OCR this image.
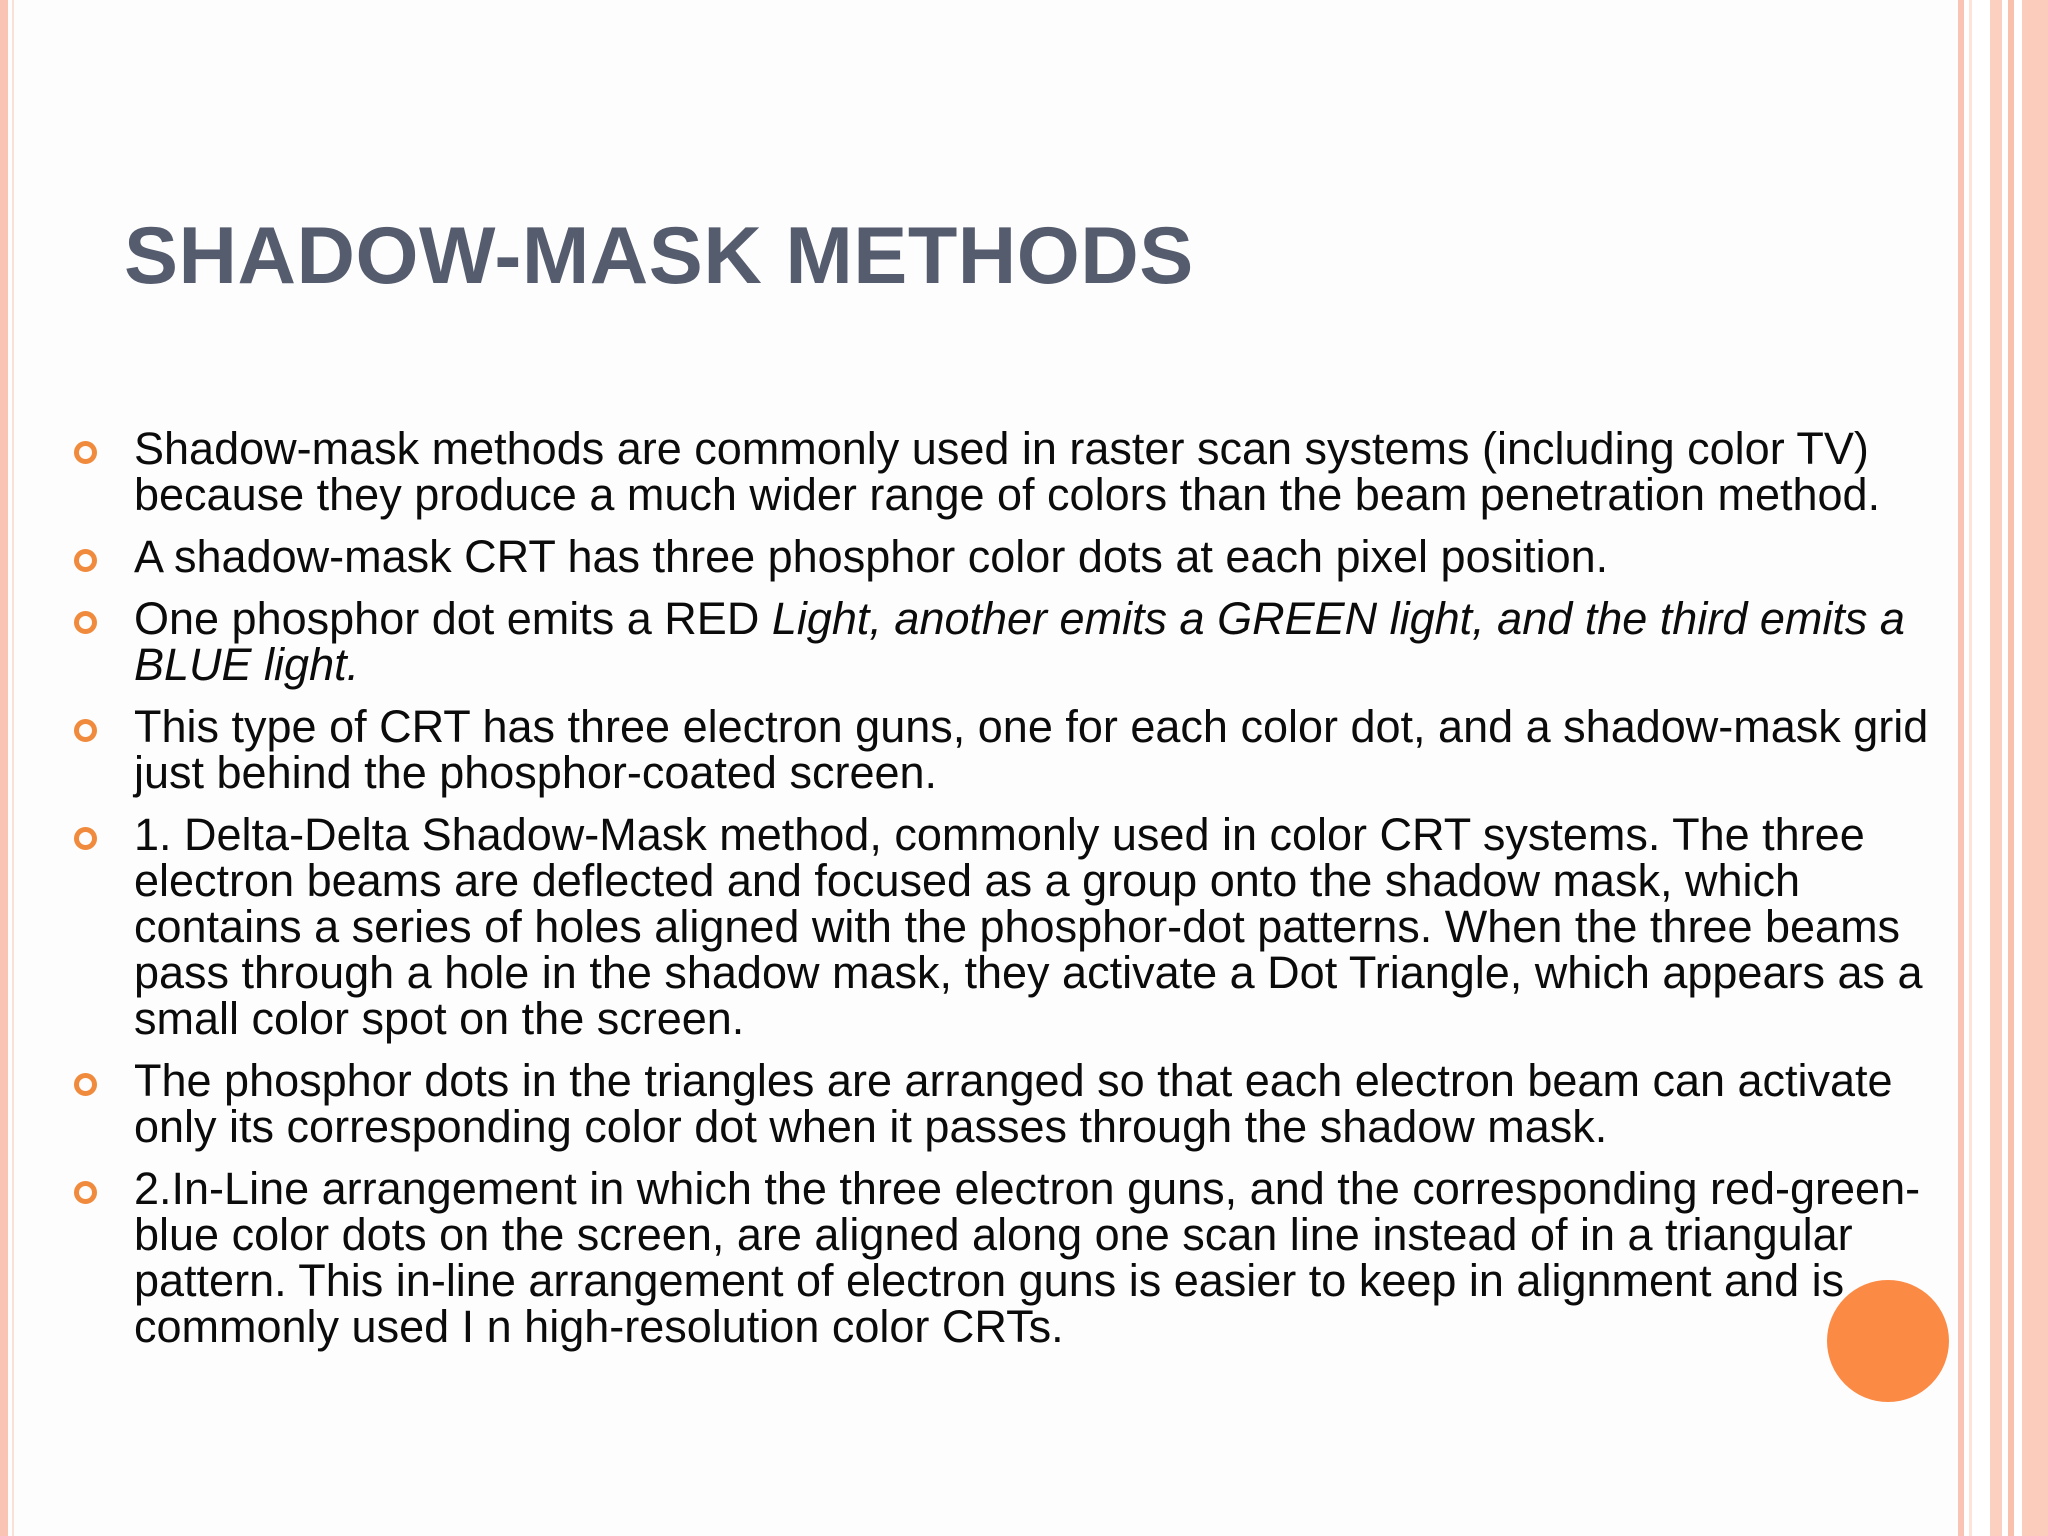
SHADOW-MASK METHODS
Shadow-mask methods are commonly used in raster scan systems (including color TV) because they produce a much wider range of colors than the beam penetration method.
A shadow-mask CRT has three phosphor color dots at each pixel position.
One phosphor dot emits a RED Light, another emits a GREEN light, and the third emits a BLUE light.
This type of CRT has three electron guns, one for each color dot, and a shadow-mask grid just behind the phosphor-coated screen.
1. Delta-Delta Shadow-Mask method, commonly used in color CRT systems. The three electron beams are deflected and focused as a group onto the shadow mask, which contains a series of holes aligned with the phosphor-dot patterns. When the three beams pass through a hole in the shadow mask, they activate a Dot Triangle, which appears as a small color spot on the screen.
The phosphor dots in the triangles are arranged so that each electron beam can activate only its corresponding color dot when it passes through the shadow mask.
2.In-Line arrangement in which the three electron guns, and the corresponding red-green-blue color dots on the screen, are aligned along one scan line instead of in a triangular pattern. This in-line arrangement of electron guns is easier to keep in alignment and is commonly used I n high-resolution color CRTs.
